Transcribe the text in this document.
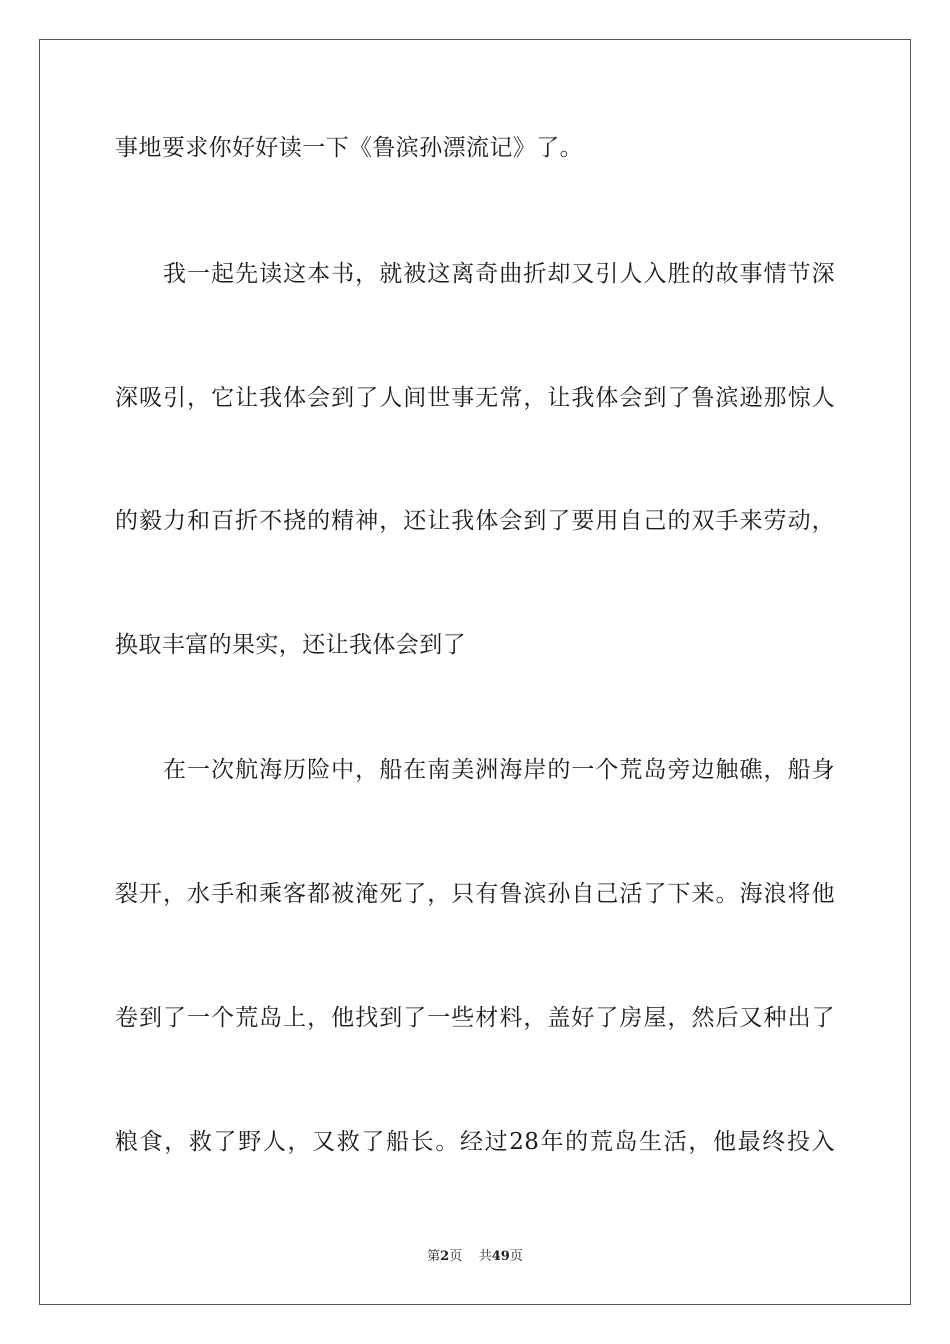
事地要求你好好读一下《鲁滨孙漂流记》了。
我一起先读这本书，就被这离奇曲折却又引人入胜的故事情节深
深吸引，它让我体会到了人间世事无常，让我体会到了鲁滨逊那惊人
的毅力和百折不挠的精神，还让我体会到了要用自己的双手来劳动，
换取丰富的果实，还让我体会到了
在一次航海历险中，船在南美洲海岸的一个荒岛旁边触礁，船身
裂开，水手和乘客都被淹死了，只有鲁滨孙自己活了下来。海浪将他
卷到了一个荒岛上，他找到了一些材料，盖好了房屋，然后又种出了
粮食，救了野人，又救了船长。经过28年的荒岛生活，他最终投入
第2页 共49页
